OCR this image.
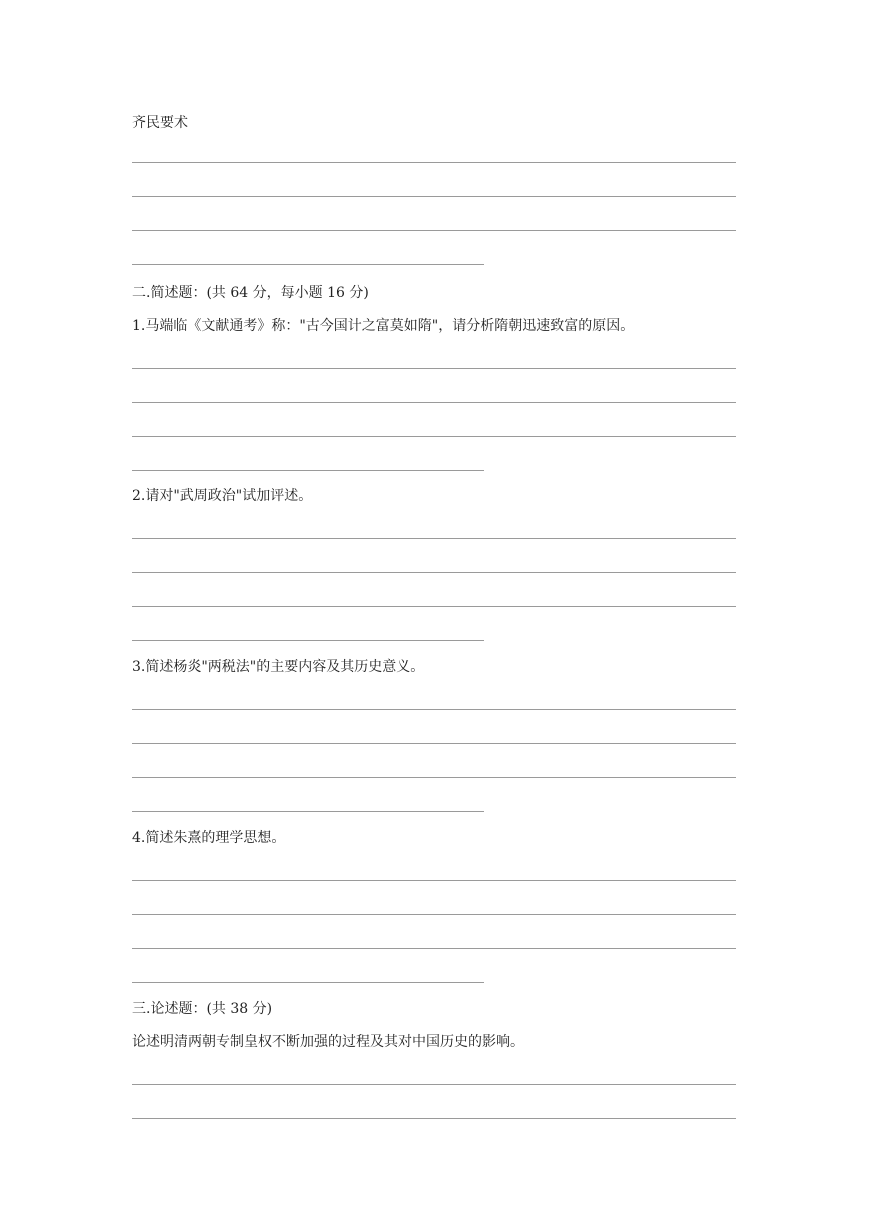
齐民要术
二.简述题：(共 64 分，每小题 16 分)
1.马端临《文献通考》称："古今国计之富莫如隋"，请分析隋朝迅速致富的原因。
2.请对"武周政治"试加评述。
3.简述杨炎"两税法"的主要内容及其历史意义。
4.简述朱熹的理学思想。
三.论述题：(共 38 分)
论述明清两朝专制皇权不断加强的过程及其对中国历史的影响。
